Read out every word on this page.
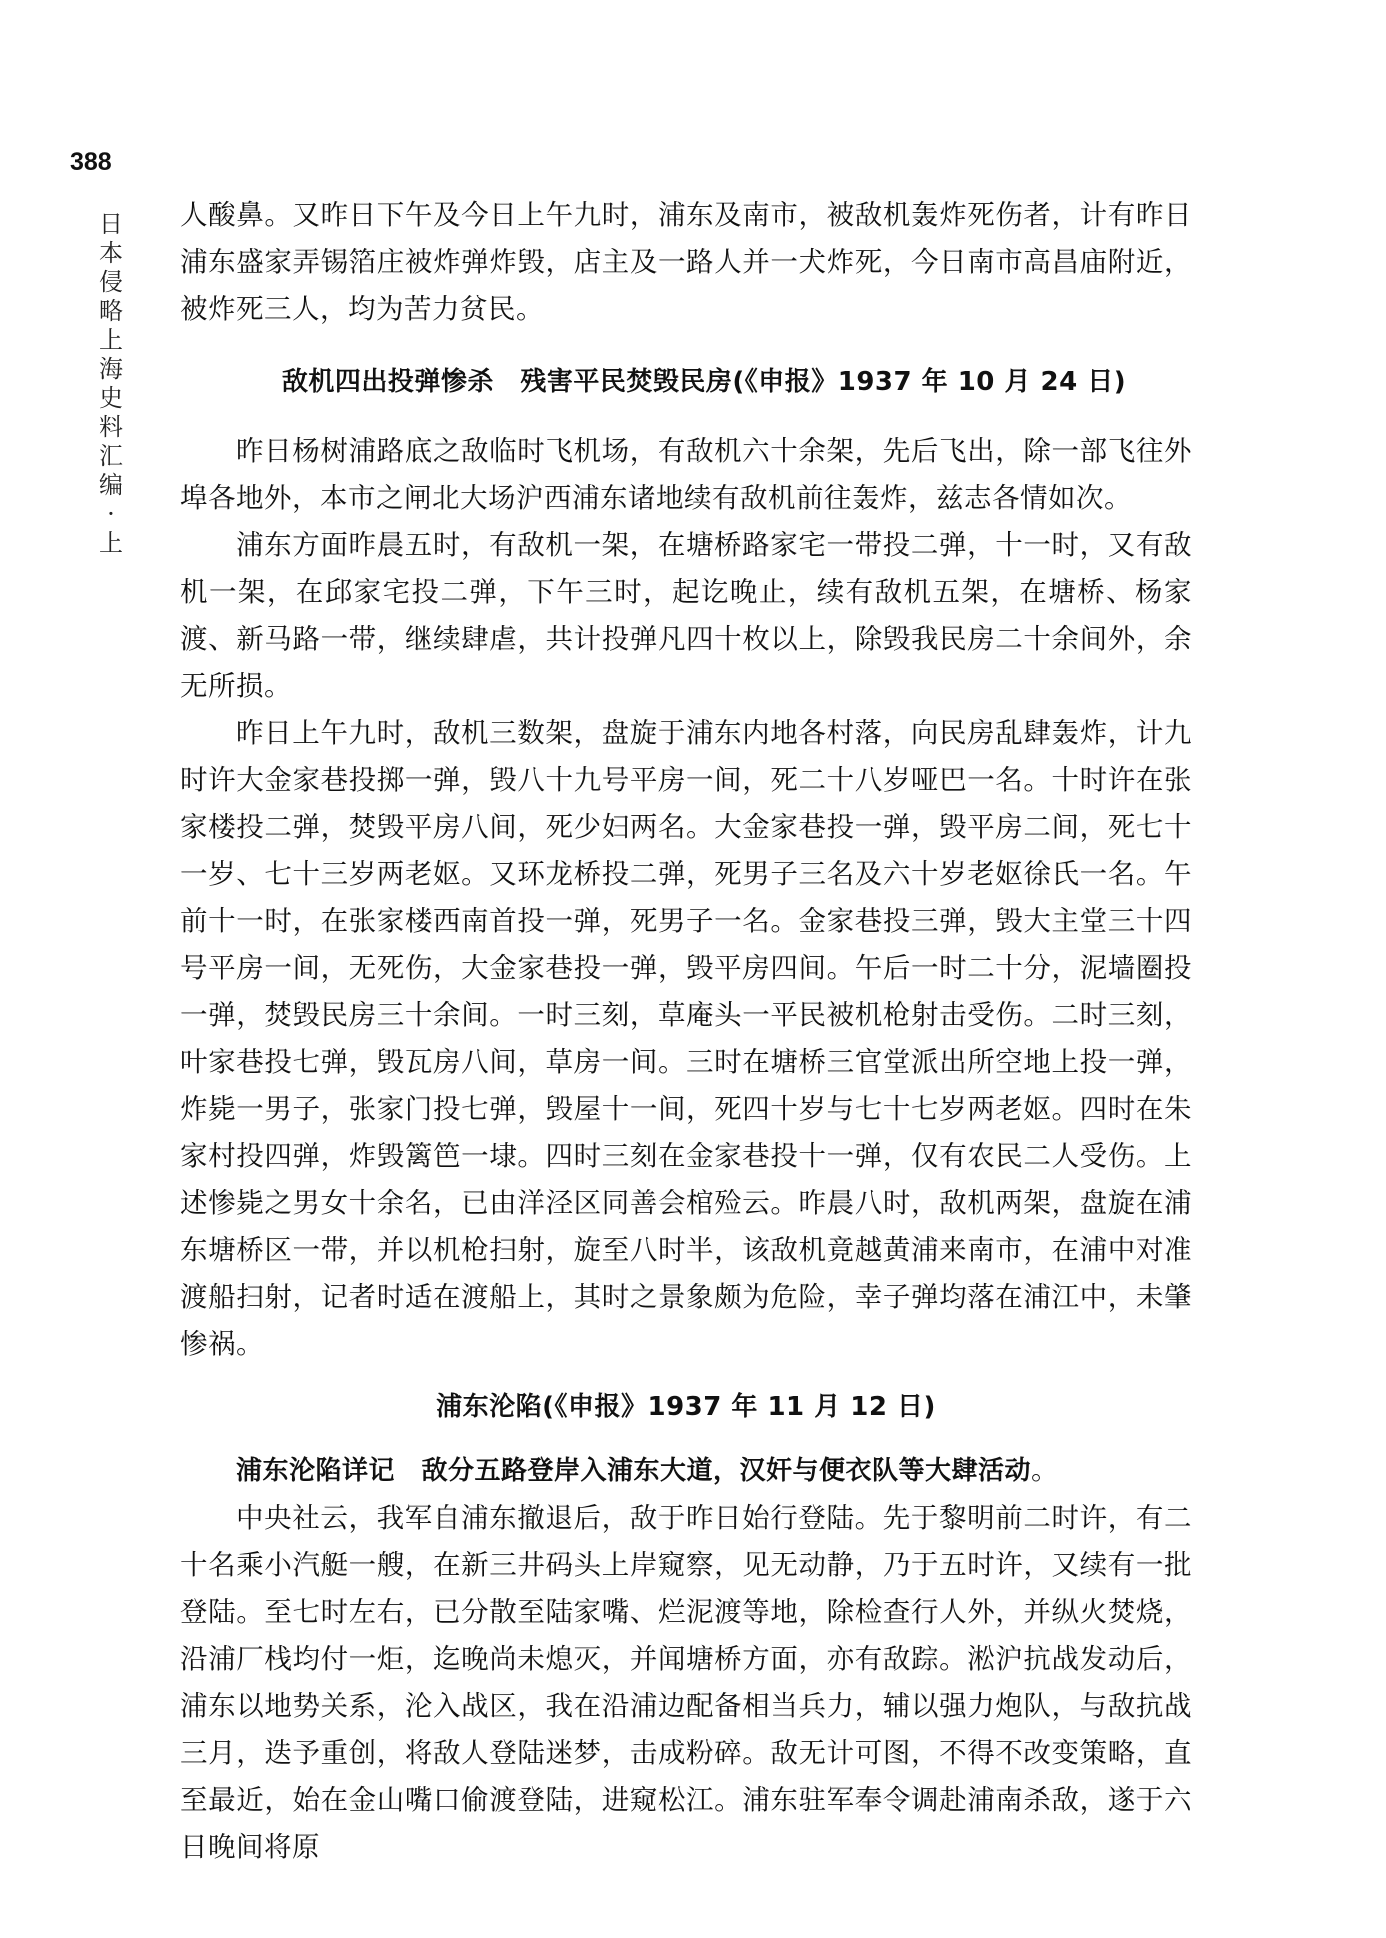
388
日本侵略上海史料汇编·上

人酸鼻。又昨日下午及今日上午九时，浦东及南市，被敌机轰炸死伤者，计有昨日浦东盛家弄锡箔庄被炸弹炸毁，店主及一路人并一犬炸死，今日南市高昌庙附近，被炸死三人，均为苦力贫民。

敌机四出投弹惨杀　残害平民焚毁民房(《申报》1937 年 10 月 24 日)

昨日杨树浦路底之敌临时飞机场，有敌机六十余架，先后飞出，除一部飞往外埠各地外，本市之闸北大场沪西浦东诸地续有敌机前往轰炸，兹志各情如次。

浦东方面昨晨五时，有敌机一架，在塘桥路家宅一带投二弹，十一时，又有敌机一架，在邱家宅投二弹，下午三时，起讫晚止，续有敌机五架，在塘桥、杨家渡、新马路一带，继续肆虐，共计投弹凡四十枚以上，除毁我民房二十余间外，余无所损。

昨日上午九时，敌机三数架，盘旋于浦东内地各村落，向民房乱肆轰炸，计九时许大金家巷投掷一弹，毁八十九号平房一间，死二十八岁哑巴一名。十时许在张家楼投二弹，焚毁平房八间，死少妇两名。大金家巷投一弹，毁平房二间，死七十一岁、七十三岁两老妪。又环龙桥投二弹，死男子三名及六十岁老妪徐氏一名。午前十一时，在张家楼西南首投一弹，死男子一名。金家巷投三弹，毁大主堂三十四号平房一间，无死伤，大金家巷投一弹，毁平房四间。午后一时二十分，泥墙圈投一弹，焚毁民房三十余间。一时三刻，草庵头一平民被机枪射击受伤。二时三刻，叶家巷投七弹，毁瓦房八间，草房一间。三时在塘桥三官堂派出所空地上投一弹，炸毙一男子，张家门投七弹，毁屋十一间，死四十岁与七十七岁两老妪。四时在朱家村投四弹，炸毁篱笆一埭。四时三刻在金家巷投十一弹，仅有农民二人受伤。上述惨毙之男女十余名，已由洋泾区同善会棺殓云。昨晨八时，敌机两架，盘旋在浦东塘桥区一带，并以机枪扫射，旋至八时半，该敌机竟越黄浦来南市，在浦中对准渡船扫射，记者时适在渡船上，其时之景象颇为危险，幸子弹均落在浦江中，未肇惨祸。

浦东沦陷(《申报》1937 年 11 月 12 日)

浦东沦陷详记　敌分五路登岸入浦东大道，汉奸与便衣队等大肆活动。

中央社云，我军自浦东撤退后，敌于昨日始行登陆。先于黎明前二时许，有二十名乘小汽艇一艘，在新三井码头上岸窥察，见无动静，乃于五时许，又续有一批登陆。至七时左右，已分散至陆家嘴、烂泥渡等地，除检查行人外，并纵火焚烧，沿浦厂栈均付一炬，迄晚尚未熄灭，并闻塘桥方面，亦有敌踪。淞沪抗战发动后，浦东以地势关系，沦入战区，我在沿浦边配备相当兵力，辅以强力炮队，与敌抗战三月，迭予重创，将敌人登陆迷梦，击成粉碎。敌无计可图，不得不改变策略，直至最近，始在金山嘴口偷渡登陆，进窥松江。浦东驻军奉令调赴浦南杀敌，遂于六日晚间将原
